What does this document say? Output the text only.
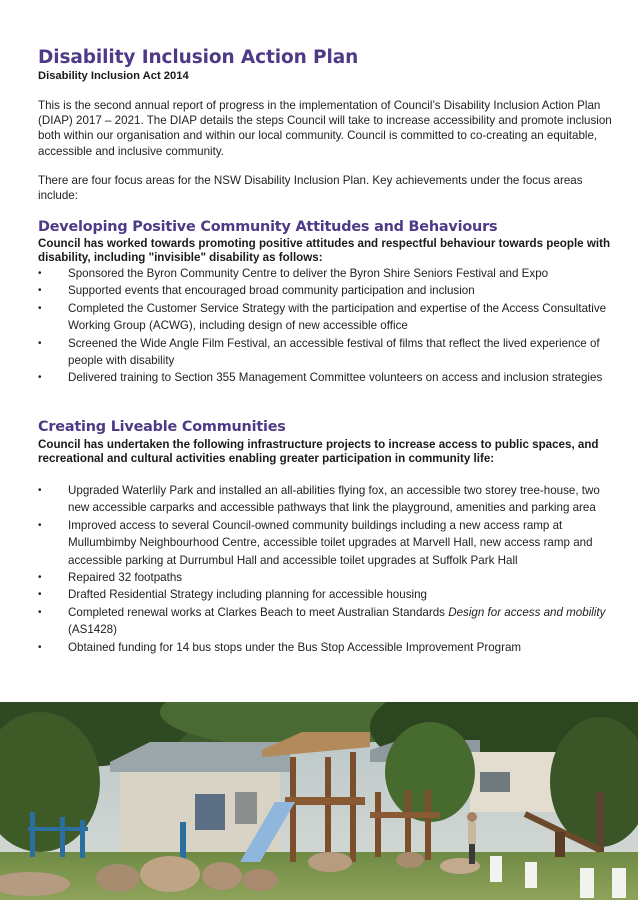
Disability Inclusion Action Plan
Disability Inclusion Act 2014

This is the second annual report of progress in the implementation of Council’s Disability Inclusion Action Plan (DIAP) 2017 – 2021. The DIAP details the steps Council will take to increase accessibility and promote inclusion both within our organisation and within our local community. Council is committed to co-creating an equitable, accessible and inclusive community.

There are four focus areas for the NSW Disability Inclusion Plan. Key achievements under the focus areas include:

Developing Positive Community Attitudes and Behaviours

Council has worked towards promoting positive attitudes and respectful behaviour towards people with disability, including "invisible" disability as follows:

• Sponsored the Byron Community Centre to deliver the Byron Shire Seniors Festival and Expo
• Supported events that encouraged broad community participation and inclusion
• Completed the Customer Service Strategy with the participation and expertise of the Access Consultative Working Group (ACWG), including design of new accessible office
• Screened the Wide Angle Film Festival, an accessible festival of films that reflect the lived experience of people with disability
• Delivered training to Section 355 Management Committee volunteers on access and inclusion strategies
Creating Liveable Communities

Council has undertaken the following infrastructure projects to increase access to public spaces, and recreational and cultural activities enabling greater participation in community life:

• Upgraded Waterlily Park and installed an all-abilities flying fox, an accessible two storey tree-house, two new accessible carparks and accessible pathways that link the playground, amenities and parking area
• Improved access to several Council-owned community buildings including a new access ramp at Mullumbimby Neighbourhood Centre, accessible toilet upgrades at Marvell Hall, new access ramp and accessible parking at Durrumbul Hall and accessible toilet upgrades at Suffolk Park Hall
• Repaired 32 footpaths
• Drafted Residential Strategy including planning for accessible housing
• Completed renewal works at Clarkes Beach to meet Australian Standards Design for access and mobility (AS1428)
• Obtained funding for 14 bus stops under the Bus Stop Accessible Improvement Program
